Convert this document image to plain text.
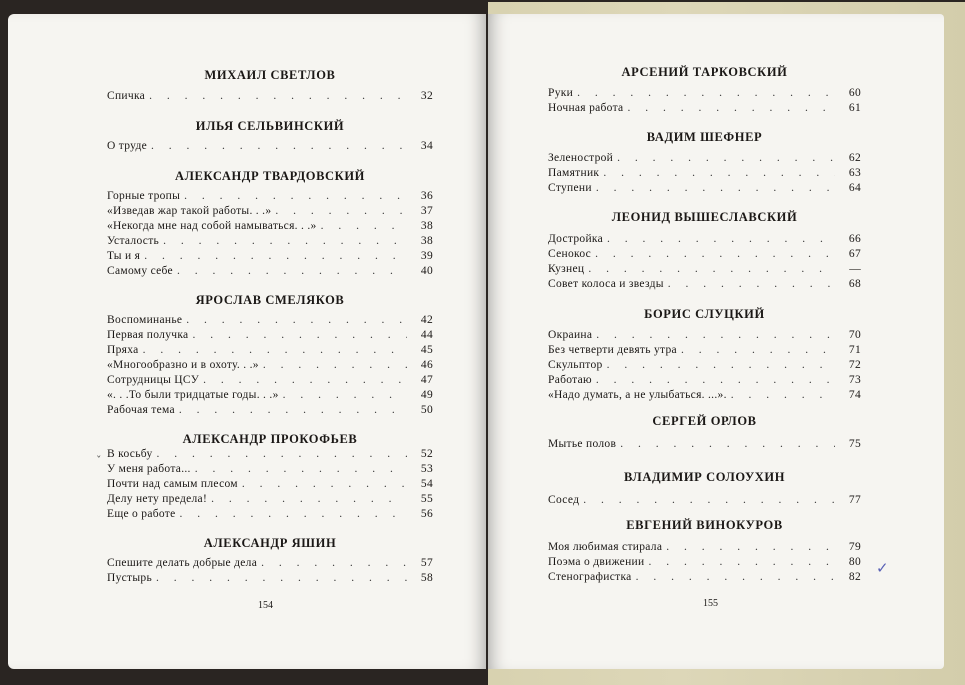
МИХАИЛ СВЕТЛОВ
Спичка . . .	32
ИЛЬЯ СЕЛЬВИНСКИЙ
О труде . . .	34
АЛЕКСАНДР ТВАРДОВСКИЙ
Горные тропы . . .	36
«Изведав жар такой работы. . .» . . .	37
«Некогда мне над собой намываться. . .» . . .	38
Усталость . . .	38
Ты и я . . .	39
Самому себе . . .	40
ЯРОСЛАВ СМЕЛЯКОВ
Воспоминанье . . .	42
Первая получка . . .	44
Пряха . . .	45
«Многообразно и в охоту. . .» . . .	46
Сотрудницы ЦСУ . . .	47
«. . .То были тридцатые годы. . .» . . .	49
Рабочая тема . . .	50
АЛЕКСАНДР ПРОКОФЬЕВ
В косьбу . . .	52
У меня работа... . . .	53
Почти над самым плесом . . .	54
Делу нету предела! . . .	55
Еще о работе . . .	56
АЛЕКСАНДР ЯШИН
Спешите делать добрые дела . . .	57
Пустырь . . .	58
154
ˇ
АРСЕНИЙ ТАРКОВСКИЙ
Руки . . .	60
Ночная работа . . .	61
ВАДИМ ШЕФНЕР
Зеленострой . . .	62
Памятник . . .	63
Ступени . . .	64
ЛЕОНИД ВЫШЕСЛАВСКИЙ
Достройка . . .	66
Сенокос . . .	67
Кузнец . . .	—
Совет колоса и звезды . . .	68
БОРИС СЛУЦКИЙ
Окраина . . .	70
Без четверти девять утра . . .	71
Скульптор . . .	72
Работаю . . .	73
«Надо думать, а не улыбаться. ...». . . .	74
СЕРГЕЙ ОРЛОВ
Мытье полов . . .	75
ВЛАДИМИР СОЛОУХИН
Сосед . . .	77
ЕВГЕНИЙ ВИНОКУРОВ
Моя любимая стирала . . .	79
Поэма о движении . . .	80
Стенографистка . . .	82
155
✓
